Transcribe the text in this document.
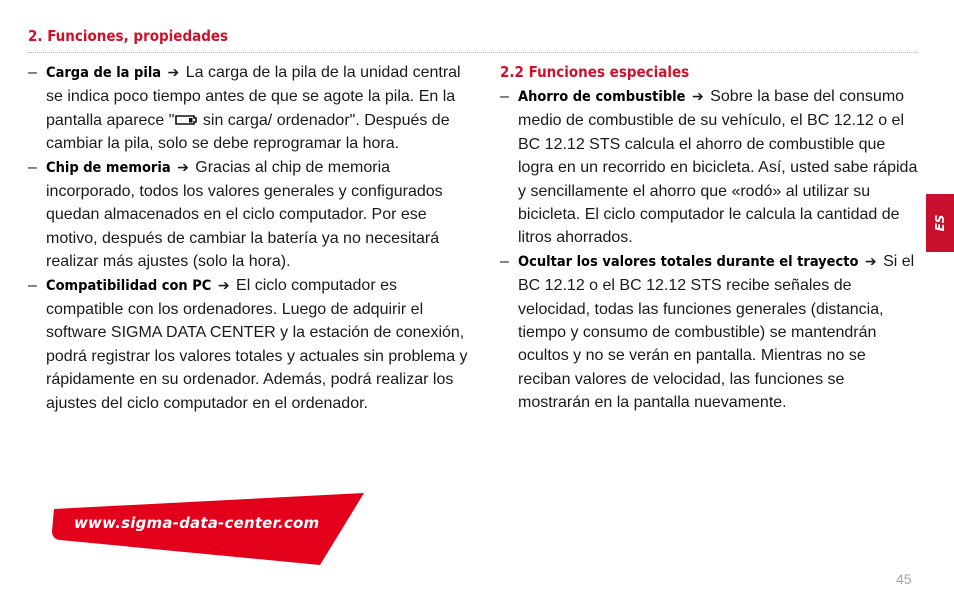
2. Funciones, propiedades

– Carga de la pila ➔ La carga de la pila de la unidad central se indica poco tiempo antes de que se agote la pila. En la pantalla aparece " sin carga/ ordenador". Después de cambiar la pila, solo se debe reprogramar la hora.

– Chip de memoria ➔ Gracias al chip de memoria incorporado, todos los valores generales y configurados quedan almacenados en el ciclo computador. Por ese motivo, después de cambiar la batería ya no necesitará realizar más ajustes (solo la hora).

– Compatibilidad con PC ➔ El ciclo computador es compatible con los ordenadores. Luego de adquirir el software SIGMA DATA CENTER y la estación de conexión, podrá registrar los valores totales y actuales sin problema y rápidamente en su ordenador. Además, podrá realizar los ajustes del ciclo computador en el ordenador.

2.2 Funciones especiales

– Ahorro de combustible ➔ Sobre la base del consumo medio de combustible de su vehículo, el BC 12.12 o el BC 12.12 STS calcula el ahorro de combustible que logra en un recorrido en bicicleta. Así, usted sabe rápida y sencillamente el ahorro que «rodó» al utilizar su bicicleta. El ciclo computador le calcula la cantidad de litros ahorrados.

– Ocultar los valores totales durante el trayecto ➔ Si el BC 12.12 o el BC 12.12 STS recibe señales de velocidad, todas las funciones generales (distancia, tiempo y consumo de combustible) se mantendrán ocultos y no se verán en pantalla. Mientras no se reciban valores de velocidad, las funciones se mostrarán en la pantalla nuevamente.

www.sigma-data-center.com
ES
45
